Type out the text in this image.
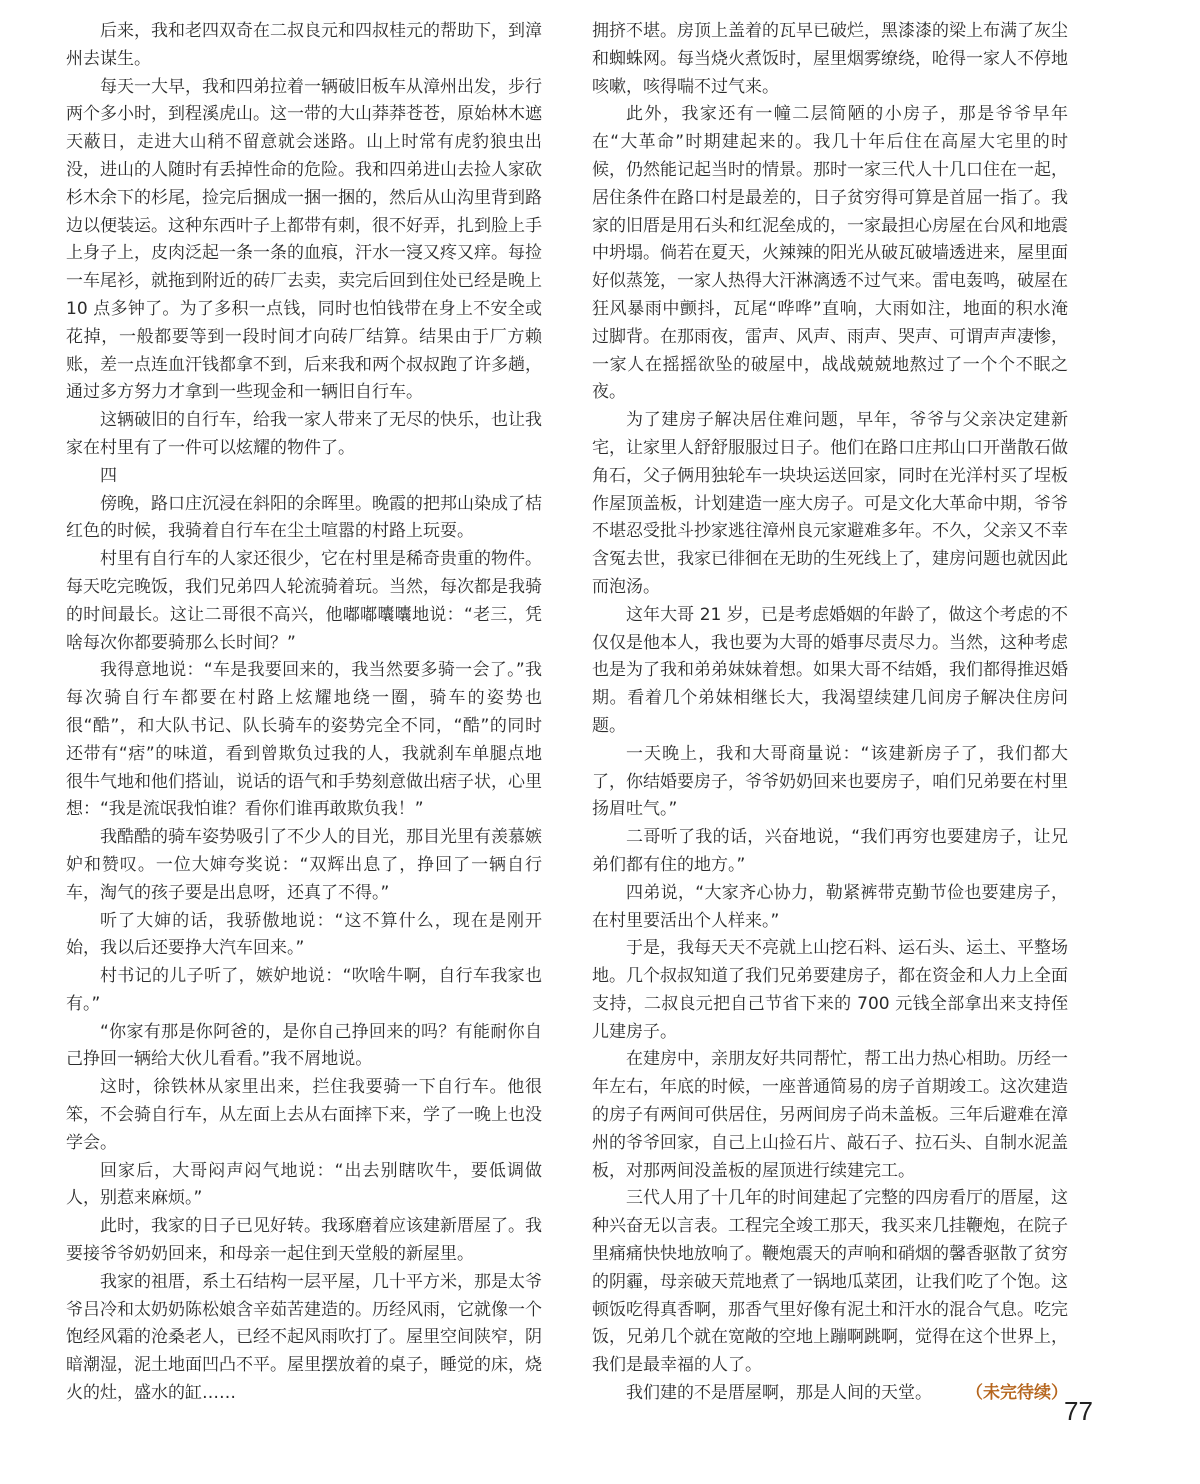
后来，我和老四双奇在二叔良元和四叔桂元的帮助下，到漳州去谋生。

每天一大早，我和四弟拉着一辆破旧板车从漳州出发，步行两个多小时，到程溪虎山。这一带的大山莽莽苍苍，原始林木遮天蔽日，走进大山稍不留意就会迷路。山上时常有虎豹狼虫出没，进山的人随时有丢掉性命的危险。我和四弟进山去捡人家砍杉木余下的杉尾，捡完后捆成一捆一捆的，然后从山沟里背到路边以便装运。这种东西叶子上都带有刺，很不好弄，扎到脸上手上身子上，皮肉泛起一条一条的血痕，汗水一寖又疼又痒。每捡一车尾衫，就拖到附近的砖厂去卖，卖完后回到住处已经是晚上 10 点多钟了。为了多积一点钱，同时也怕钱带在身上不安全或花掉，一般都要等到一段时间才向砖厂结算。结果由于厂方赖账，差一点连血汗钱都拿不到，后来我和两个叔叔跑了许多趟，通过多方努力才拿到一些现金和一辆旧自行车。

这辆破旧的自行车，给我一家人带来了无尽的快乐，也让我家在村里有了一件可以炫耀的物件了。

四

傍晚，路口庄沉浸在斜阳的余晖里。晚霞的把邦山染成了桔红色的时候，我骑着自行车在尘土喧嚣的村路上玩耍。

村里有自行车的人家还很少，它在村里是稀奇贵重的物件。每天吃完晚饭，我们兄弟四人轮流骑着玩。当然，每次都是我骑的时间最长。这让二哥很不高兴，他嘟嘟囔囔地说：“老三，凭啥每次你都要骑那么长时间？”

我得意地说：“车是我要回来的，我当然要多骑一会了。”我每次骑自行车都要在村路上炫耀地绕一圈，骑车的姿势也很“酷”，和大队书记、队长骑车的姿势完全不同，“酷”的同时还带有“痞”的味道，看到曾欺负过我的人，我就刹车单腿点地很牛气地和他们搭讪，说话的语气和手势刻意做出痞子状，心里想：“我是流氓我怕谁？看你们谁再敢欺负我！”

我酷酷的骑车姿势吸引了不少人的目光，那目光里有羡慕嫉妒和赞叹。一位大婶夸奖说：“双辉出息了，挣回了一辆自行车，淘气的孩子要是出息呀，还真了不得。”

听了大婶的话，我骄傲地说：“这不算什么，现在是刚开始，我以后还要挣大汽车回来。”

村书记的儿子听了，嫉妒地说：“吹啥牛啊，自行车我家也有。”

“你家有那是你阿爸的，是你自己挣回来的吗？有能耐你自己挣回一辆给大伙儿看看。”我不屑地说。

这时，徐铁林从家里出来，拦住我要骑一下自行车。他很笨，不会骑自行车，从左面上去从右面摔下来，学了一晚上也没学会。

回家后，大哥闷声闷气地说：“出去别瞎吹牛，要低调做人，别惹来麻烦。”

此时，我家的日子已见好转。我琢磨着应该建新厝屋了。我要接爷爷奶奶回来，和母亲一起住到天堂般的新屋里。

我家的祖厝，系土石结构一层平屋，几十平方米，那是太爷爷吕冷和太奶奶陈松娘含辛茹苦建造的。历经风雨，它就像一个饱经风霜的沧桑老人，已经不起风雨吹打了。屋里空间陕窄，阴暗潮湿，泥土地面凹凸不平。屋里摆放着的桌子，睡觉的床，烧火的灶，盛水的缸……

拥挤不堪。房顶上盖着的瓦早已破烂，黑漆漆的梁上布满了灰尘和蜘蛛网。每当烧火煮饭时，屋里烟雾缭绕，呛得一家人不停地咳嗽，咳得喘不过气来。

此外，我家还有一幢二层简陋的小房子，那是爷爷早年在“大革命”时期建起来的。我几十年后住在高屋大宅里的时候，仍然能记起当时的情景。那时一家三代人十几口住在一起，居住条件在路口村是最差的，日子贫穷得可算是首屈一指了。我家的旧厝是用石头和红泥垒成的，一家最担心房屋在台风和地震中坍塌。倘若在夏天，火辣辣的阳光从破瓦破墙透进来，屋里面好似蒸笼，一家人热得大汗淋漓透不过气来。雷电轰鸣，破屋在狂风暴雨中颤抖，瓦尾“哗哗”直响，大雨如注，地面的积水淹过脚背。在那雨夜，雷声、风声、雨声、哭声、可谓声声凄惨，一家人在摇摇欲坠的破屋中，战战兢兢地熬过了一个个不眠之夜。

为了建房子解决居住难问题，早年，爷爷与父亲决定建新宅，让家里人舒舒服服过日子。他们在路口庄邦山口开凿散石做角石，父子俩用独轮车一块块运送回家，同时在光洋村买了埕板作屋顶盖板，计划建造一座大房子。可是文化大革命中期，爷爷不堪忍受批斗抄家逃往漳州良元家避难多年。不久，父亲又不幸含冤去世，我家已徘徊在无助的生死线上了，建房问题也就因此而泡汤。

这年大哥 21 岁，已是考虑婚姻的年龄了，做这个考虑的不仅仅是他本人，我也要为大哥的婚事尽责尽力。当然，这种考虑也是为了我和弟弟妹妹着想。如果大哥不结婚，我们都得推迟婚期。看着几个弟妹相继长大，我渴望续建几间房子解决住房问题。

一天晚上，我和大哥商量说：“该建新房子了，我们都大了，你结婚要房子，爷爷奶奶回来也要房子，咱们兄弟要在村里扬眉吐气。”

二哥听了我的话，兴奋地说，“我们再穷也要建房子，让兄弟们都有住的地方。”

四弟说，“大家齐心协力，勒紧裤带克勤节俭也要建房子，在村里要活出个人样来。”

于是，我每天天不亮就上山挖石料、运石头、运土、平整场地。几个叔叔知道了我们兄弟要建房子，都在资金和人力上全面支持，二叔良元把自己节省下来的 700 元钱全部拿出来支持侄儿建房子。

在建房中，亲朋友好共同帮忙，帮工出力热心相助。历经一年左右，年底的时候，一座普通简易的房子首期竣工。这次建造的房子有两间可供居住，另两间房子尚未盖板。三年后避难在漳州的爷爷回家，自己上山捡石片、敲石子、拉石头、自制水泥盖板，对那两间没盖板的屋顶进行续建完工。

三代人用了十几年的时间建起了完整的四房看厅的厝屋，这种兴奋无以言表。工程完全竣工那天，我买来几挂鞭炮，在院子里痛痛快快地放响了。鞭炮震天的声响和硝烟的馨香驱散了贫穷的阴霾，母亲破天荒地煮了一锅地瓜菜团，让我们吃了个饱。这顿饭吃得真香啊，那香气里好像有泥土和汗水的混合气息。吃完饭，兄弟几个就在宽敞的空地上蹦啊跳啊，觉得在这个世界上，我们是最幸福的人了。

我们建的不是厝屋啊，那是人间的天堂。	（未完待续）

77
